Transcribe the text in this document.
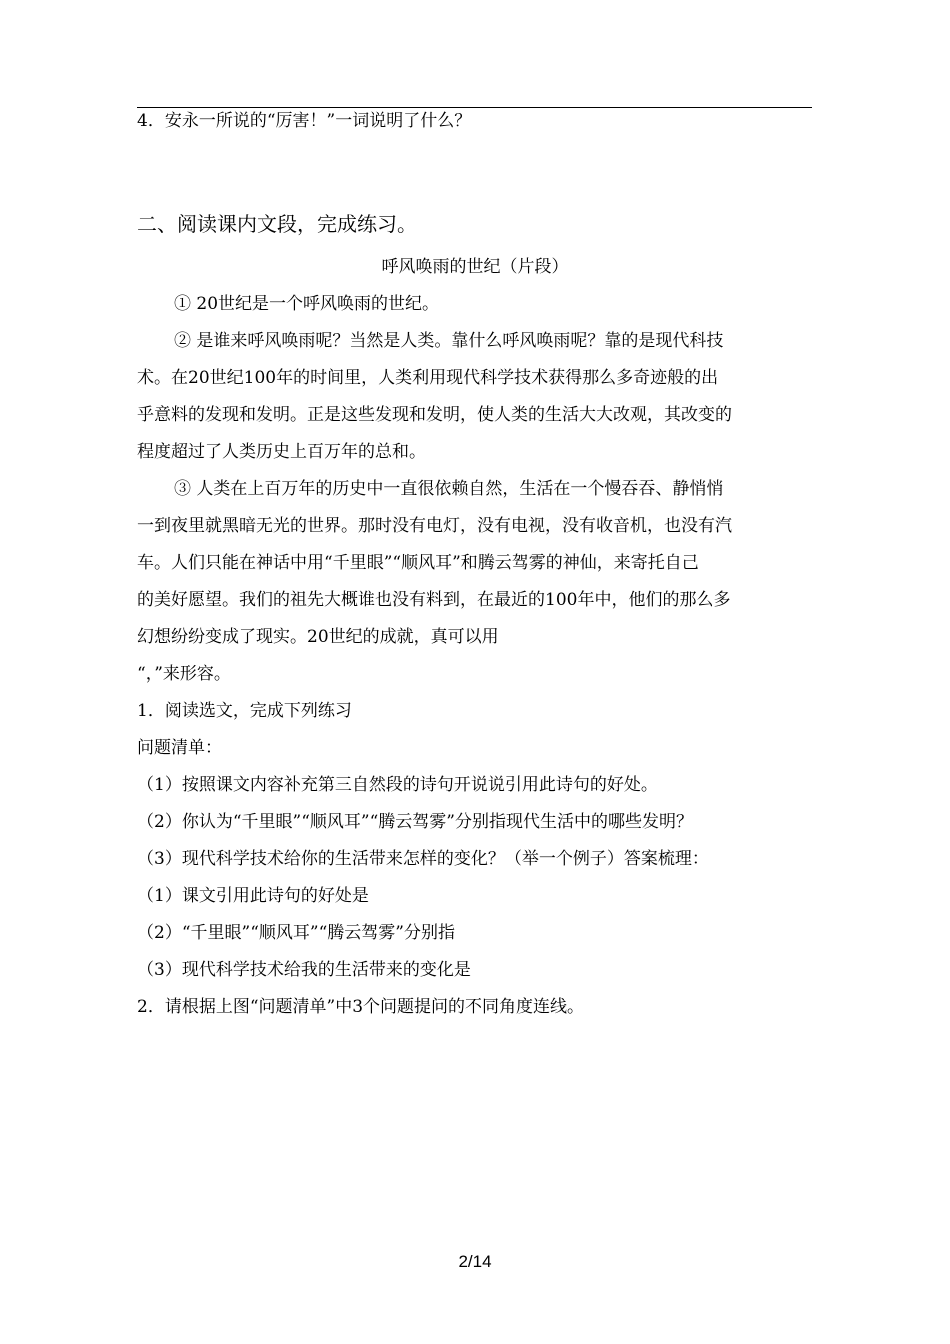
4．安永一所说的“厉害！”一词说明了什么？
二、阅读课内文段，完成练习。
呼风唤雨的世纪（片段）
① 20世纪是一个呼风唤雨的世纪。
② 是谁来呼风唤雨呢？当然是人类。靠什么呼风唤雨呢？靠的是现代科技
术。在20世纪100年的时间里，人类利用现代科学技术获得那么多奇迹般的出
乎意料的发现和发明。正是这些发现和发明，使人类的生活大大改观，其改变的
程度超过了人类历史上百万年的总和。
③ 人类在上百万年的历史中一直很依赖自然，生活在一个慢吞吞、静悄悄
一到夜里就黑暗无光的世界。那时没有电灯，没有电视，没有收音机，也没有汽
车。人们只能在神话中用“千里眼”“顺风耳”和腾云驾雾的神仙，来寄托自己
的美好愿望。我们的祖先大概谁也没有料到，在最近的100年中，他们的那么多
幻想纷纷变成了现实。20世纪的成就，真可以用
“，”来形容。
1．阅读选文，完成下列练习
问题清单：
（1）按照课文内容补充第三自然段的诗句开说说引用此诗句的好处。
（2）你认为“千里眼”“顺风耳”“腾云驾雾”分别指现代生活中的哪些发明？
（3）现代科学技术给你的生活带来怎样的变化？（举一个例子）答案梳理：
（1）课文引用此诗句的好处是
（2）“千里眼”“顺风耳”“腾云驾雾”分别指
（3）现代科学技术给我的生活带来的变化是
2．请根据上图“问题清单”中3个问题提问的不同角度连线。
2/14
